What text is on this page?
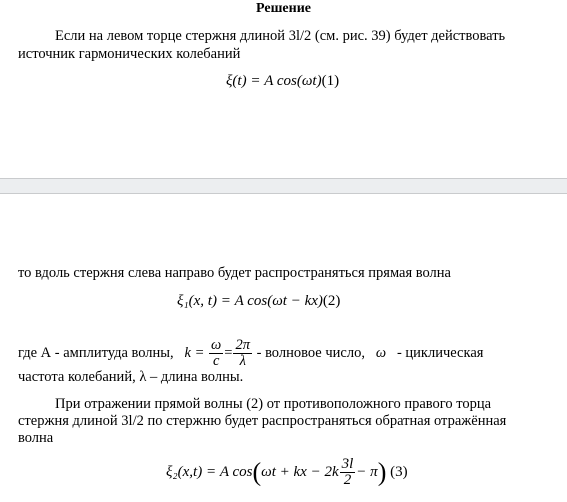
Решение
Если на левом торце стержня длиной 3l/2 (см. рис. 39) будет действовать
источник гармонических колебаний
ξ(t) = A cos(ωt)(1)
то вдоль стержня слева направо будет распространяться прямая волна
ξ₁(x, t) = A cos(ωt − kx)(2)
где А - амплитуда волны, $k = \frac{\omega}{c} = \frac{2\pi}{\lambda}$ - волновое число, ω - циклическая
частота колебаний, λ – длина волны.
При отражении прямой волны (2) от противоположного правого торца
стержня длиной 3l/2 по стержню будет распространяться обратная отражённая
волна
ξ₂(x,t) = A cos(ωt + kx − $2k \frac{3l}{2} - \pi$) (3)
